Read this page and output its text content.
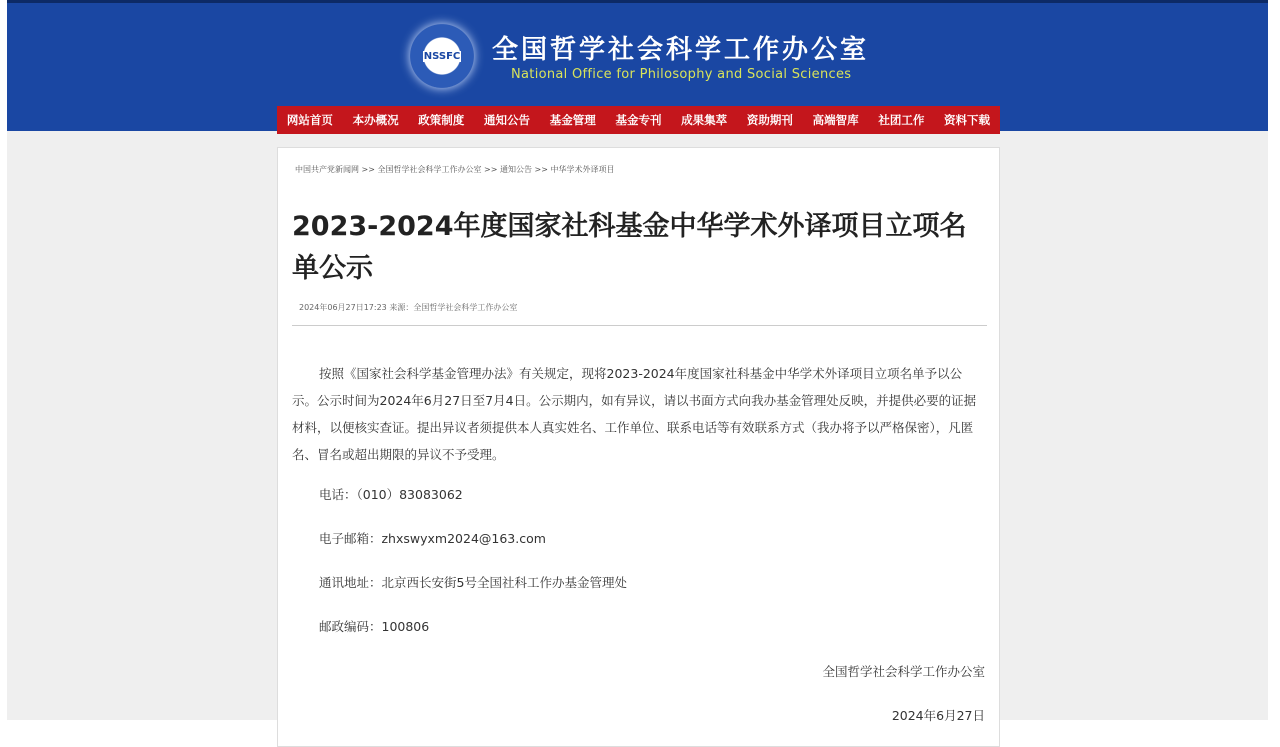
NSSFC 全国哲学社会科学工作办公室
National Office for Philosophy and Social Sciences
网站首页 本办概况 政策制度 通知公告 基金管理 基金专刊 成果集萃 资助期刊 高端智库 社团工作 资料下载
中国共产党新闻网 >> 全国哲学社会科学工作办公室 >> 通知公告 >> 中华学术外译项目
2023-2024年度国家社科基金中华学术外译项目立项名单公示
2024年06月27日17:23 来源：全国哲学社会科学工作办公室

按照《国家社会科学基金管理办法》有关规定，现将2023-2024年度国家社科基金中华学术外译项目立项名单予以公示。公示时间为2024年6月27日至7月4日。公示期内，如有异议，请以书面方式向我办基金管理处反映，并提供必要的证据材料，以便核实查证。提出异议者须提供本人真实姓名、工作单位、联系电话等有效联系方式（我办将予以严格保密），凡匿名、冒名或超出期限的异议不予受理。

电话：（010）83083062
电子邮箱：zhxswyxm2024@163.com
通讯地址：北京西长安街5号全国社科工作办基金管理处
邮政编码：100806
全国哲学社会科学工作办公室
2024年6月27日
